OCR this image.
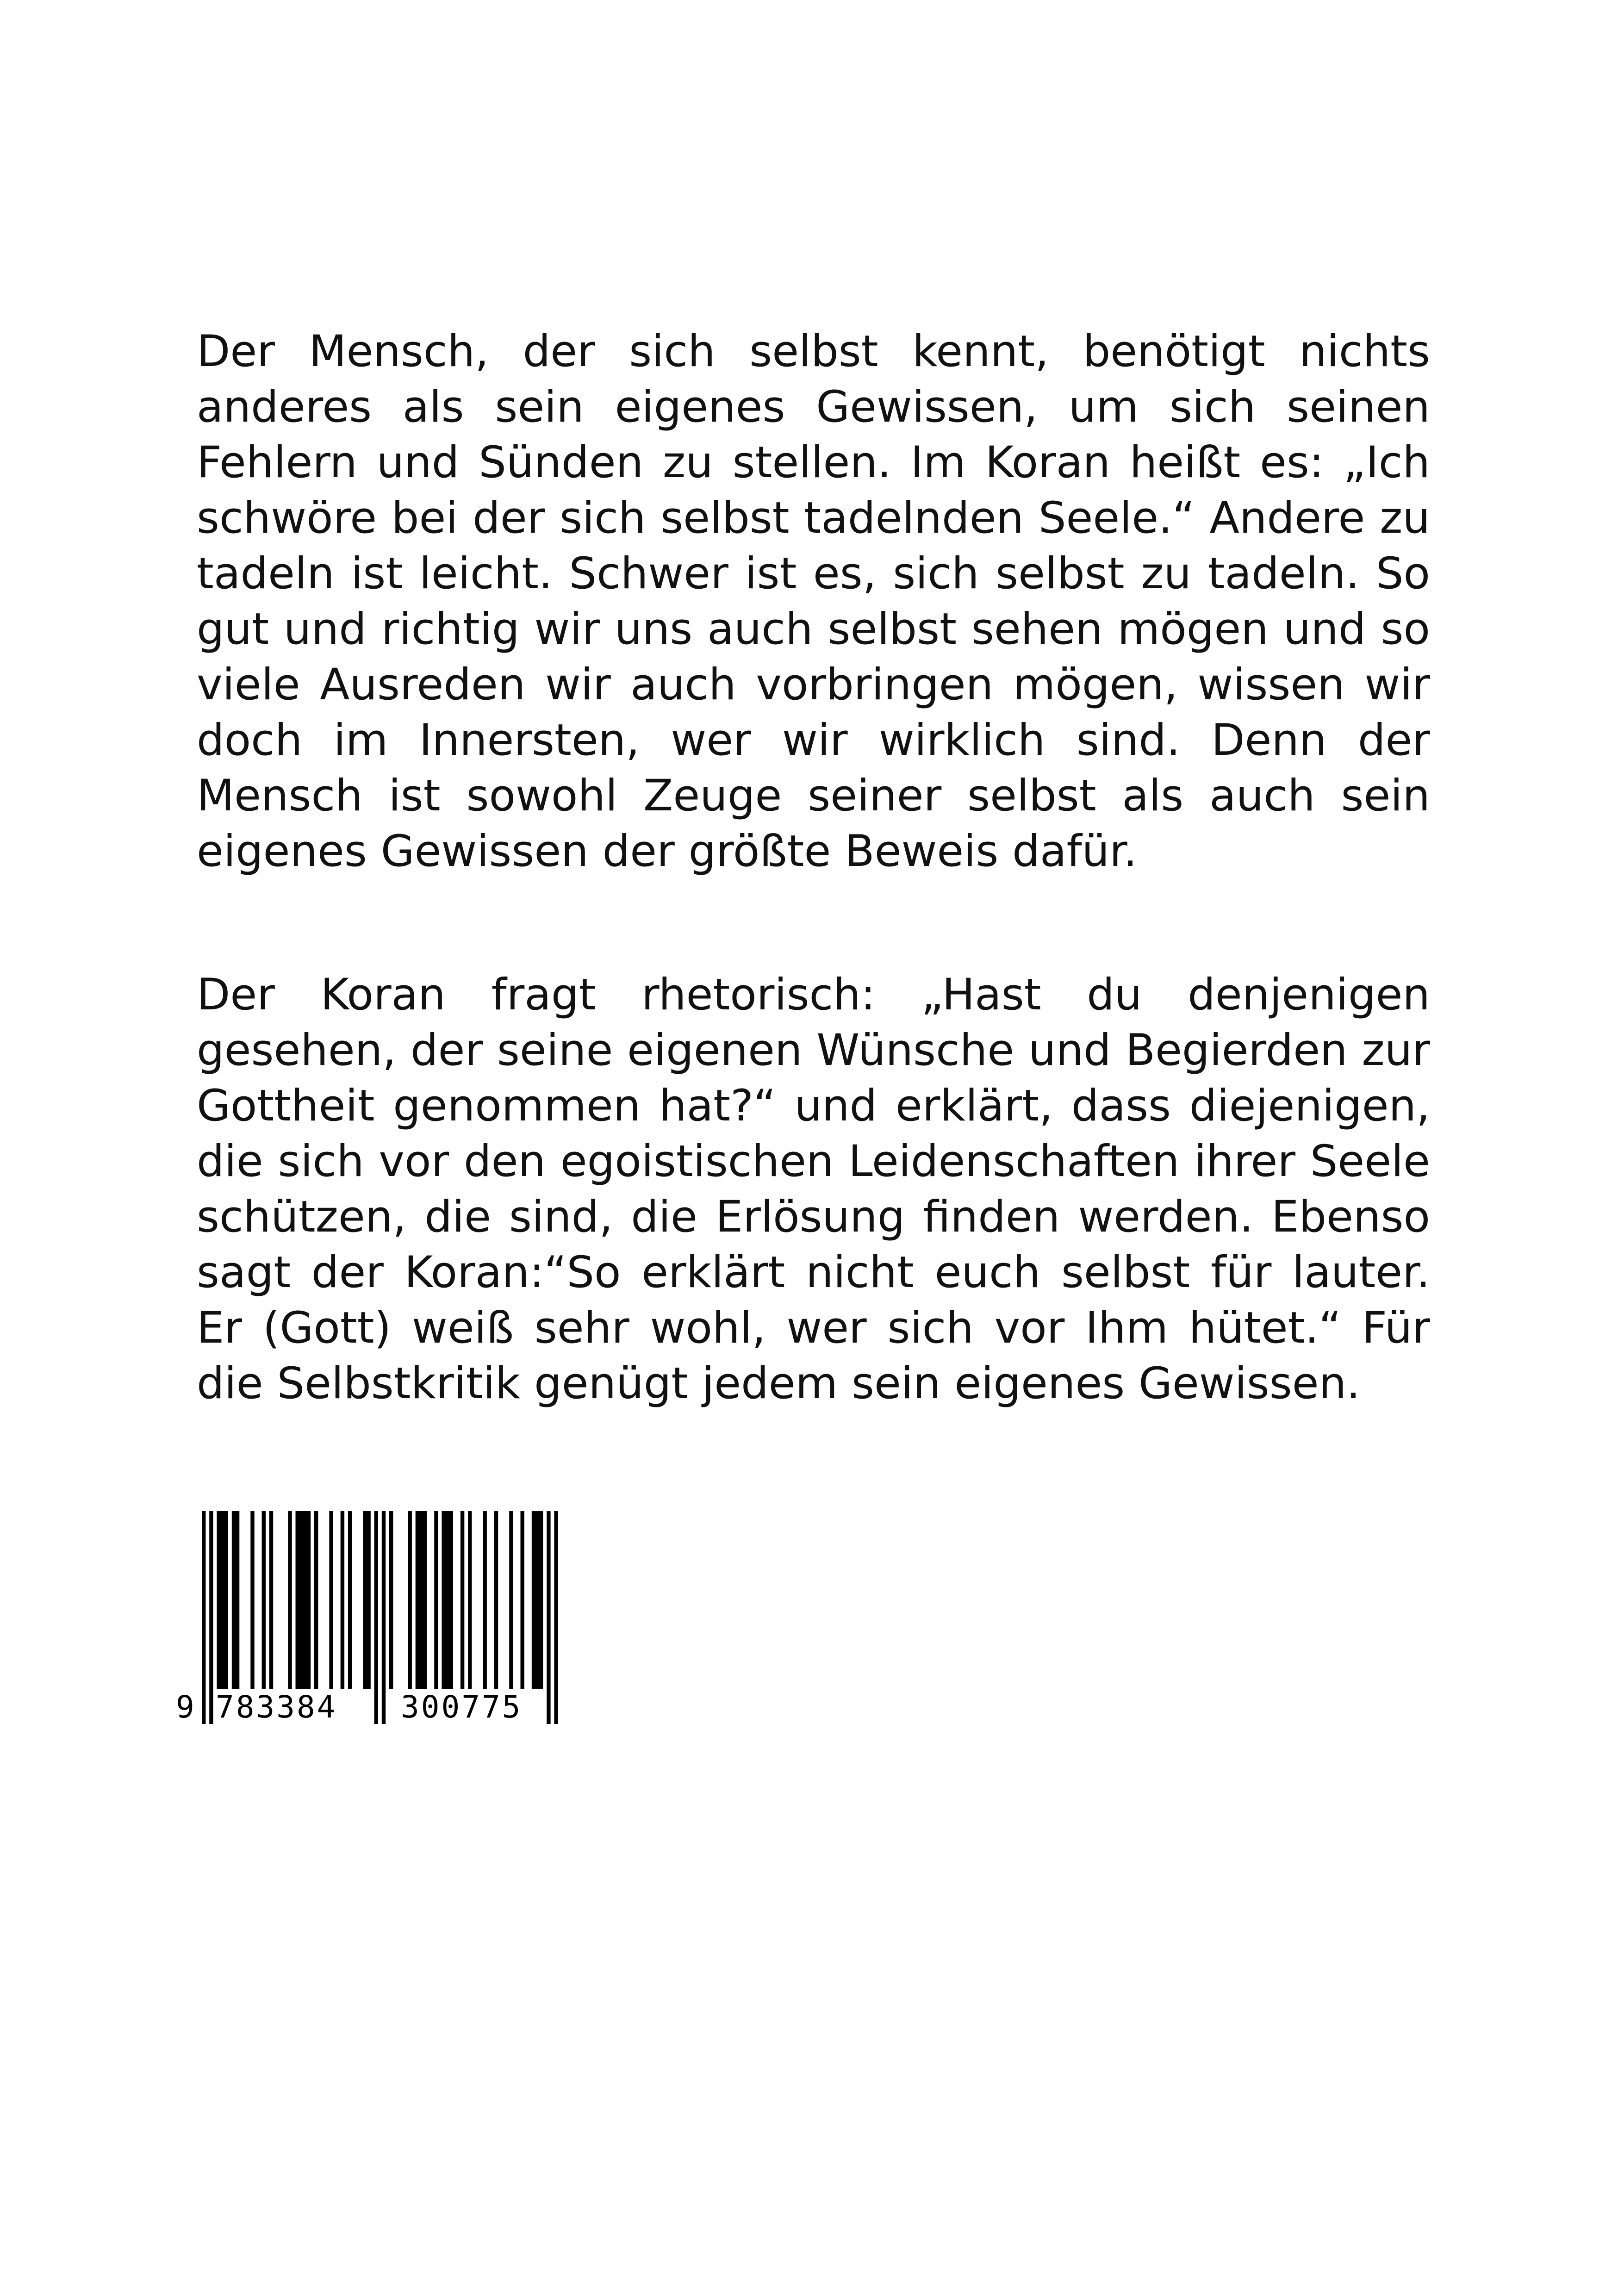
Der Mensch, der sich selbst kennt, benötigt nichts anderes als sein eigenes Gewissen, um sich seinen Fehlern und Sünden zu stellen. Im Koran heißt es: „Ich schwöre bei der sich selbst tadelnden Seele.“ Andere zu tadeln ist leicht. Schwer ist es, sich selbst zu tadeln. So gut und richtig wir uns auch selbst sehen mögen und so viele Ausreden wir auch vorbringen mögen, wissen wir doch im Innersten, wer wir wirklich sind. Denn der Mensch ist sowohl Zeuge seiner selbst als auch sein eigenes Gewissen der größte Beweis dafür.

Der Koran fragt rhetorisch: „Hast du denjenigen gesehen, der seine eigenen Wünsche und Begierden zur Gottheit genommen hat?“ und erklärt, dass diejenigen, die sich vor den egoistischen Leidenschaften ihrer Seele schützen, die sind, die Erlösung finden werden. Ebenso sagt der Koran:“So erklärt nicht euch selbst für lauter. Er (Gott) weiß sehr wohl, wer sich vor Ihm hütet.“ Für die Selbstkritik genügt jedem sein eigenes Gewissen.

9 783384 300775
